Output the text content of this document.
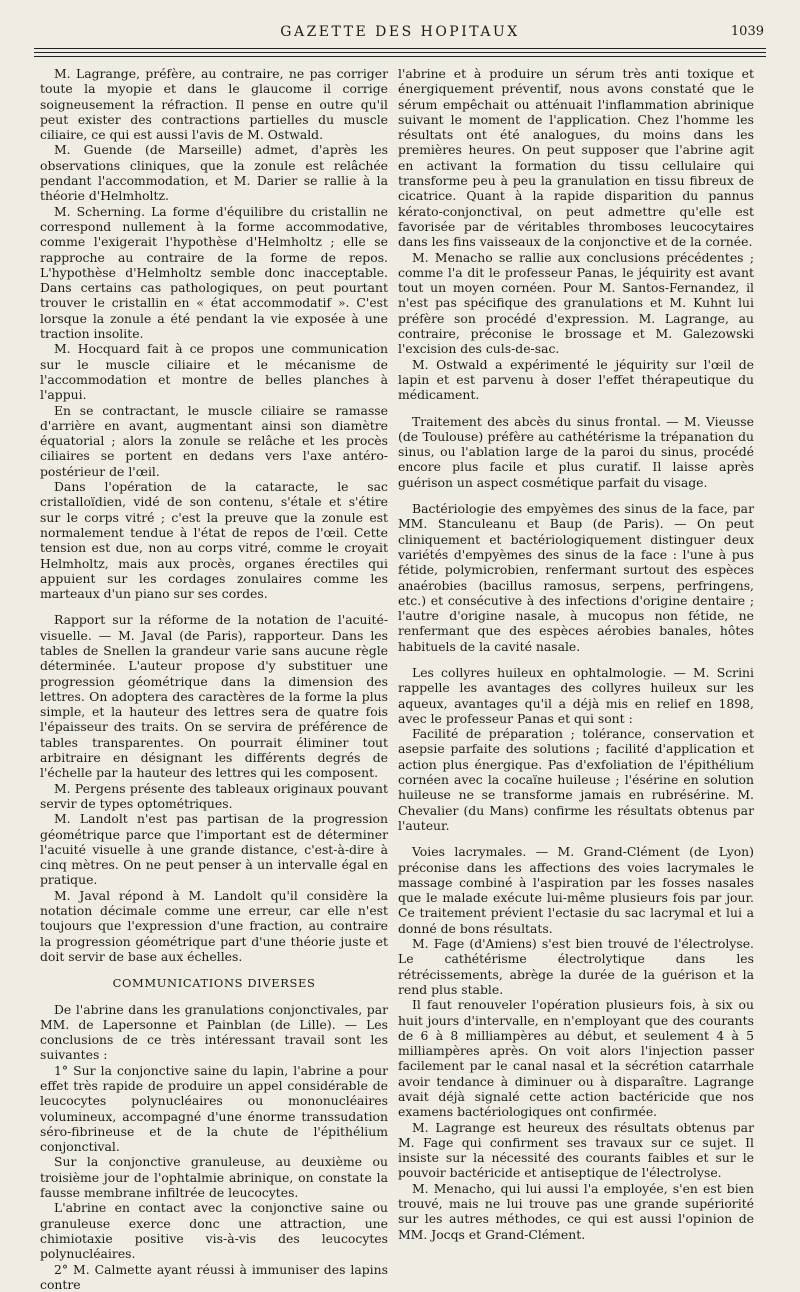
GAZETTE DES HOPITAUX	1039

M. Lagrange, préfère, au contraire, ne pas corriger toute la myopie et dans le glaucome il corrige soigneusement la réfraction. Il pense en outre qu'il peut exister des contractions partielles du muscle ciliaire, ce qui est aussi l'avis de M. Ostwald.

M. Guende (de Marseille) admet, d'après les observations cliniques, que la zonule est relâchée pendant l'accommodation, et M. Darier se rallie à la théorie d'Helmholtz.

M. Scherning. La forme d'équilibre du cristallin ne correspond nullement à la forme accommodative, comme l'exigerait l'hypothèse d'Helmholtz ; elle se rapproche au contraire de la forme de repos. L'hypothèse d'Helmholtz semble donc inacceptable. Dans certains cas pathologiques, on peut pourtant trouver le cristallin en « état accommodatif ». C'est lorsque la zonule a été pendant la vie exposée à une traction insolite.

M. Hocquard fait à ce propos une communication sur le muscle ciliaire et le mécanisme de l'accommodation et montre de belles planches à l'appui.

En se contractant, le muscle ciliaire se ramasse d'arrière en avant, augmentant ainsi son diamètre équatorial ; alors la zonule se relâche et les procès ciliaires se portent en dedans vers l'axe antéro-postérieur de l'œil.

Dans l'opération de la cataracte, le sac cristalloïdien, vidé de son contenu, s'étale et s'étire sur le corps vitré ; c'est la preuve que la zonule est normalement tendue à l'état de repos de l'œil. Cette tension est due, non au corps vitré, comme le croyait Helmholtz, mais aux procès, organes érectiles qui appuient sur les cordages zonulaires comme les marteaux d'un piano sur ses cordes.

Rapport sur la réforme de la notation de l'acuité-visuelle. — M. Javal (de Paris), rapporteur. Dans les tables de Snellen la grandeur varie sans aucune règle déterminée. L'auteur propose d'y substituer une progression géométrique dans la dimension des lettres. On adoptera des caractères de la forme la plus simple, et la hauteur des lettres sera de quatre fois l'épaisseur des traits. On se servira de préférence de tables transparentes. On pourrait éliminer tout arbitraire en désignant les différents degrés de l'échelle par la hauteur des lettres qui les composent.

M. Pergens présente des tableaux originaux pouvant servir de types optométriques.

M. Landolt n'est pas partisan de la progression géométrique parce que l'important est de déterminer l'acuité visuelle à une grande distance, c'est-à-dire à cinq mètres. On ne peut penser à un intervalle égal en pratique.

M. Javal répond à M. Landolt qu'il considère la notation décimale comme une erreur, car elle n'est toujours que l'expression d'une fraction, au contraire la progression géométrique part d'une théorie juste et doit servir de base aux échelles.

COMMUNICATIONS DIVERSES

De l'abrine dans les granulations conjonctivales, par MM. de Lapersonne et Painblan (de Lille). — Les conclusions de ce très intéressant travail sont les suivantes :

1° Sur la conjonctive saine du lapin, l'abrine a pour effet très rapide de produire un appel considérable de leucocytes polynucléaires ou mononucléaires volumineux, accompagné d'une énorme transsudation séro-fibrineuse et de la chute de l'épithélium conjonctival.

Sur la conjonctive granuleuse, au deuxième ou troisième jour de l'ophtalmie abrinique, on constate la fausse membrane infiltrée de leucocytes.

L'abrine en contact avec la conjonctive saine ou granuleuse exerce donc une attraction, une chimiotaxie positive vis-à-vis des leucocytes polynucléaires.

2° M. Calmette ayant réussi à immuniser des lapins contre

l'abrine et à produire un sérum très anti toxique et énergiquement préventif, nous avons constaté que le sérum empêchait ou atténuait l'inflammation abrinique suivant le moment de l'application. Chez l'homme les résultats ont été analogues, du moins dans les premières heures. On peut supposer que l'abrine agit en activant la formation du tissu cellulaire qui transforme peu à peu la granulation en tissu fibreux de cicatrice. Quant à la rapide disparition du pannus kérato-conjonctival, on peut admettre qu'elle est favorisée par de véritables thromboses leucocytaires dans les fins vaisseaux de la conjonctive et de la cornée.

M. Menacho se rallie aux conclusions précédentes ; comme l'a dit le professeur Panas, le jéquirity est avant tout un moyen cornéen. Pour M. Santos-Fernandez, il n'est pas spécifique des granulations et M. Kuhnt lui préfère son procédé d'expression. M. Lagrange, au contraire, préconise le brossage et M. Galezowski l'excision des culs-de-sac.

M. Ostwald a expérimenté le jéquirity sur l'œil de lapin et est parvenu à doser l'effet thérapeutique du médicament.

Traitement des abcès du sinus frontal. — M. Vieusse (de Toulouse) préfère au cathétérisme la trépanation du sinus, ou l'ablation large de la paroi du sinus, procédé encore plus facile et plus curatif. Il laisse après guérison un aspect cosmétique parfait du visage.

Bactériologie des empyèmes des sinus de la face, par MM. Stanculeanu et Baup (de Paris). — On peut cliniquement et bactériologiquement distinguer deux variétés d'empyèmes des sinus de la face : l'une à pus fétide, polymicrobien, renfermant surtout des espèces anaérobies (bacillus ramosus, serpens, perfringens, etc.) et consécutive à des infections d'origine dentaire ; l'autre d'origine nasale, à mucopus non fétide, ne renfermant que des espèces aérobies banales, hôtes habituels de la cavité nasale.

Les collyres huileux en ophtalmologie. — M. Scrini rappelle les avantages des collyres huileux sur les aqueux, avantages qu'il a déjà mis en relief en 1898, avec le professeur Panas et qui sont :

Facilité de préparation ; tolérance, conservation et asepsie parfaite des solutions ; facilité d'application et action plus énergique. Pas d'exfoliation de l'épithélium cornéen avec la cocaïne huileuse ; l'ésérine en solution huileuse ne se transforme jamais en rubrésérine. M. Chevalier (du Mans) confirme les résultats obtenus par l'auteur.

Voies lacrymales. — M. Grand-Clément (de Lyon) préconise dans les affections des voies lacrymales le massage combiné à l'aspiration par les fosses nasales que le malade exécute lui-même plusieurs fois par jour. Ce traitement prévient l'ectasie du sac lacrymal et lui a donné de bons résultats.

M. Fage (d'Amiens) s'est bien trouvé de l'électrolyse. Le cathétérisme électrolytique dans les rétrécissements, abrège la durée de la guérison et la rend plus stable.

Il faut renouveler l'opération plusieurs fois, à six ou huit jours d'intervalle, en n'employant que des courants de 6 à 8 milliampères au début, et seulement 4 à 5 milliampères après. On voit alors l'injection passer facilement par le canal nasal et la sécrétion catarrhale avoir tendance à diminuer ou à disparaître. Lagrange avait déjà signalé cette action bactéricide que nos examens bactériologiques ont confirmée.

M. Lagrange est heureux des résultats obtenus par M. Fage qui confirment ses travaux sur ce sujet. Il insiste sur la nécessité des courants faibles et sur le pouvoir bactéricide et antiseptique de l'électrolyse.

M. Menacho, qui lui aussi l'a employée, s'en est bien trouvé, mais ne lui trouve pas une grande supériorité sur les autres méthodes, ce qui est aussi l'opinion de MM. Jocqs et Grand-Clément.
